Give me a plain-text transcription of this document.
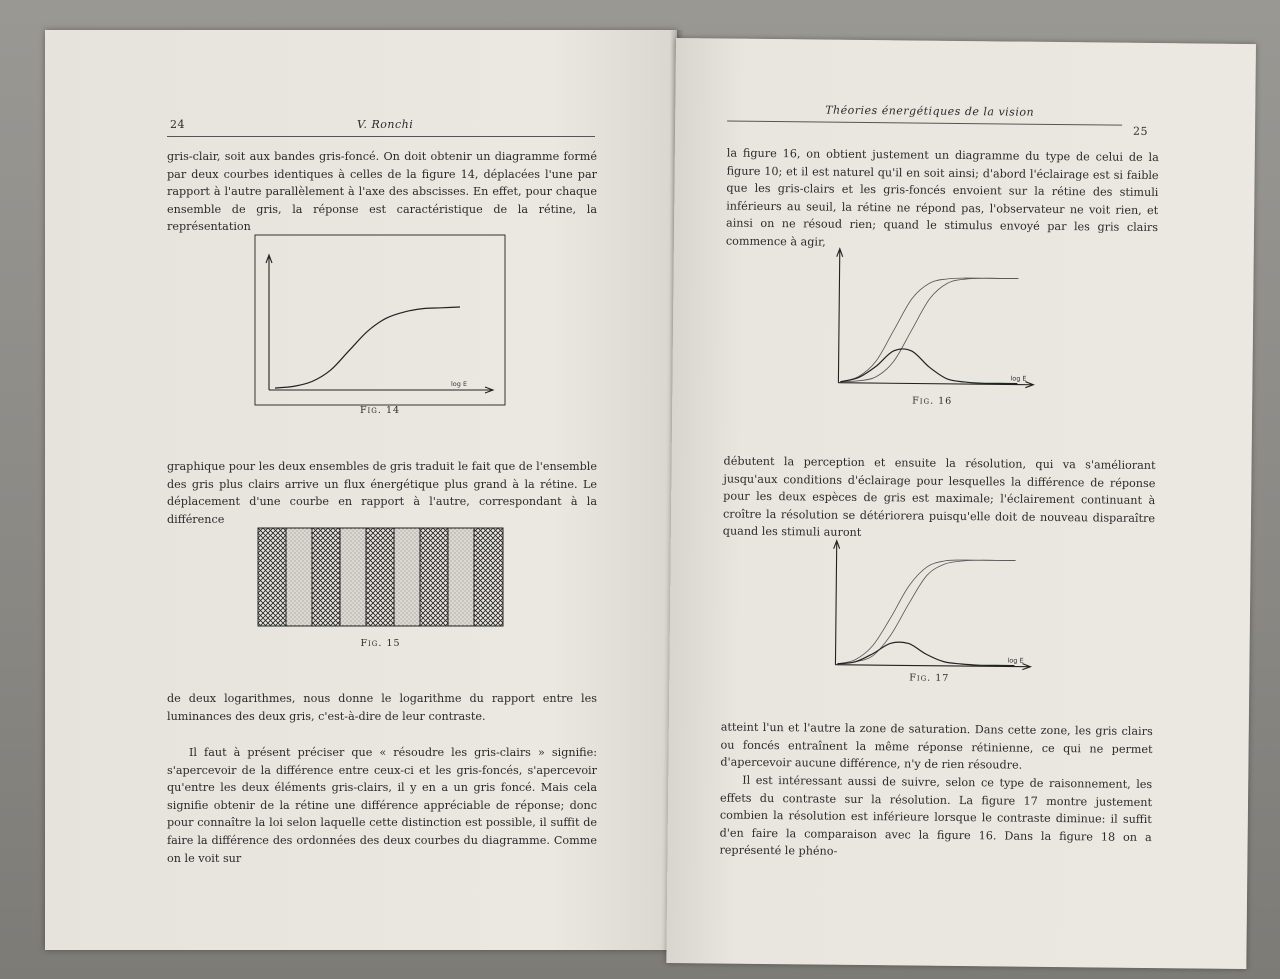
24	V. Ronchi
gris-clair, soit aux bandes gris-foncé. On doit obtenir un diagramme formé par deux courbes identiques à celles de la figure 14, déplacées l'une par rapport à l'autre parallèlement à l'axe des abscisses. En effet, pour chaque ensemble de gris, la réponse est caractéristique de la rétine, la représentation
log E
Fig. 14
graphique pour les deux ensembles de gris traduit le fait que de l'ensemble des gris plus clairs arrive un flux énergétique plus grand à la rétine. Le déplacement d'une courbe en rapport à l'autre, correspondant à la différence
Fig. 15
de deux logarithmes, nous donne le logarithme du rapport entre les luminances des deux gris, c'est-à-dire de leur contraste.
Il faut à présent préciser que « résoudre les gris-clairs » signifie: s'apercevoir de la différence entre ceux-ci et les gris-foncés, s'apercevoir qu'entre les deux éléments gris-clairs, il y en a un gris foncé. Mais cela signifie obtenir de la rétine une différence appréciable de réponse; donc pour connaître la loi selon laquelle cette distinction est possible, il suffit de faire la différence des ordonnées des deux courbes du diagramme. Comme on le voit sur
Théories énergétiques de la vision
25
la figure 16, on obtient justement un diagramme du type de celui de la figure 10; et il est naturel qu'il en soit ainsi; d'abord l'éclairage est si faible que les gris-clairs et les gris-foncés envoient sur la rétine des stimuli inférieurs au seuil, la rétine ne répond pas, l'observateur ne voit rien, et ainsi on ne résoud rien; quand le stimulus envoyé par les gris clairs commence à agir,
log E
Fig. 16
débutent la perception et ensuite la résolution, qui va s'améliorant jusqu'aux conditions d'éclairage pour lesquelles la différence de réponse pour les deux espèces de gris est maximale; l'éclairement continuant à croître la résolution se détériorera puisqu'elle doit de nouveau disparaître quand les stimuli auront
log E
Fig. 17
atteint l'un et l'autre la zone de saturation. Dans cette zone, les gris clairs ou foncés entraînent la même réponse rétinienne, ce qui ne permet d'apercevoir aucune différence, n'y de rien résoudre.
Il est intéressant aussi de suivre, selon ce type de raisonnement, les effets du contraste sur la résolution. La figure 17 montre justement combien la résolution est inférieure lorsque le contraste diminue: il suffit d'en faire la comparaison avec la figure 16. Dans la figure 18 on a représenté le phéno-
